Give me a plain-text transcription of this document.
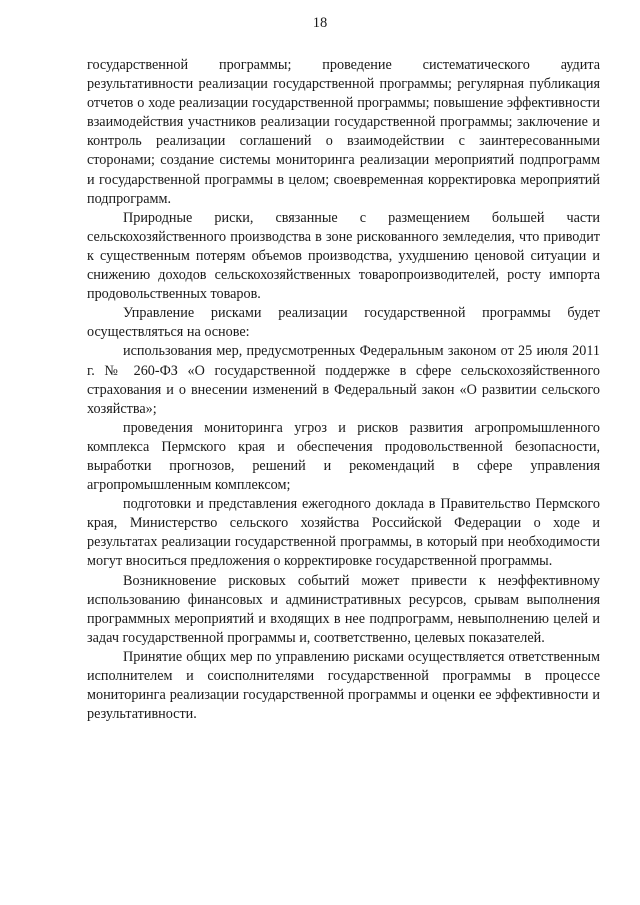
18

государственной программы; проведение систематического аудита результативности реализации государственной программы; регулярная публикация отчетов о ходе реализации государственной программы; повышение эффективности взаимодействия участников реализации государственной программы; заключение и контроль реализации соглашений о взаимодействии с заинтересованными сторонами; создание системы мониторинга реализации мероприятий подпрограмм и государственной программы в целом; своевременная корректировка мероприятий подпрограмм.

Природные риски, связанные с размещением большей части сельскохозяйственного производства в зоне рискованного земледелия, что приводит к существенным потерям объемов производства, ухудшению ценовой ситуации и снижению доходов сельскохозяйственных товаропроизводителей, росту импорта продовольственных товаров.

Управление рисками реализации государственной программы будет осуществляться на основе:

использования мер, предусмотренных Федеральным законом от 25 июля 2011 г. № 260-ФЗ «О государственной поддержке в сфере сельскохозяйственного страхования и о внесении изменений в Федеральный закон «О развитии сельского хозяйства»;

проведения мониторинга угроз и рисков развития агропромышленного комплекса Пермского края и обеспечения продовольственной безопасности, выработки прогнозов, решений и рекомендаций в сфере управления агропромышленным комплексом;

подготовки и представления ежегодного доклада в Правительство Пермского края, Министерство сельского хозяйства Российской Федерации о ходе и результатах реализации государственной программы, в который при необходимости могут вноситься предложения о корректировке государственной программы.

Возникновение рисковых событий может привести к неэффективному использованию финансовых и административных ресурсов, срывам выполнения программных мероприятий и входящих в нее подпрограмм, невыполнению целей и задач государственной программы и, соответственно, целевых показателей.

Принятие общих мер по управлению рисками осуществляется ответственным исполнителем и соисполнителями государственной программы в процессе мониторинга реализации государственной программы и оценки ее эффективности и результативности.
